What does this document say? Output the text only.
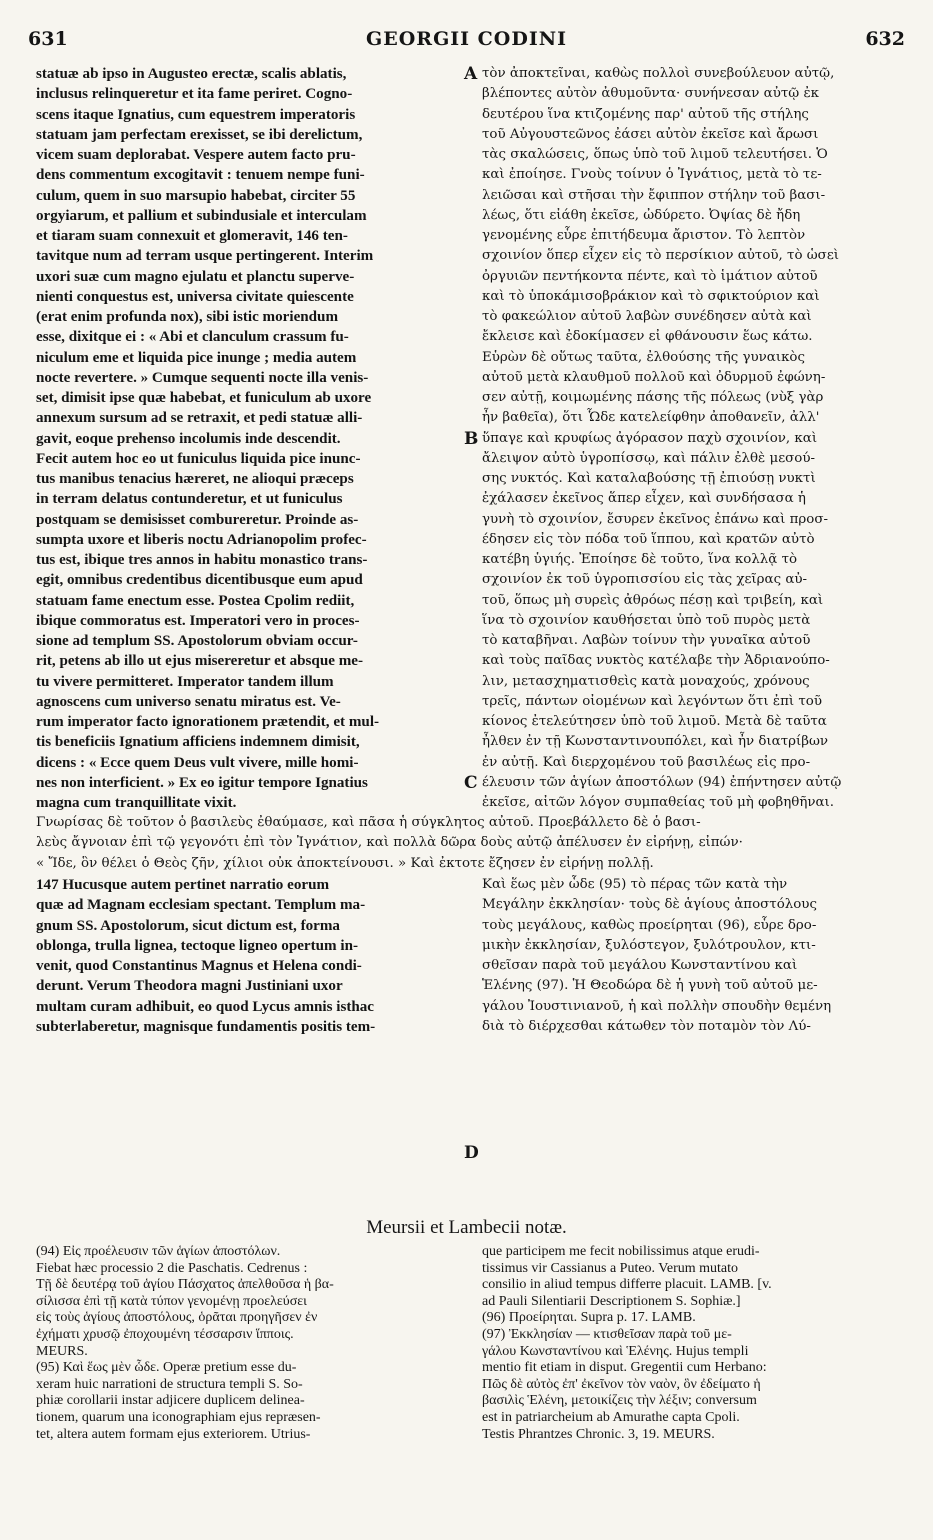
631	GEORGII CODINI	632
statuæ ab ipso in Augusteo erectæ, scalis ablatis,
inclusus relinqueretur et ita fame periret. Cogno-
scens itaque Ignatius, cum equestrem imperatoris
statuam jam perfectam erexisset, se ibi derelictum,
vicem suam deplorabat. Vespere autem facto pru-
dens commentum excogitavit : tenuem nempe funi-
culum, quem in suo marsupio habebat, circiter 55
orgyiarum, et pallium et subindusiale et interculam
et tiaram suam connexuit et glomeravit, 146 ten-
tavitque num ad terram usque pertingerent. Interim
uxori suæ cum magno ejulatu et planctu superve-
nienti conquestus est, universa civitate quiescente
(erat enim profunda nox), sibi istic moriendum
esse, dixitque ei : « Abi et clanculum crassum fu-
niculum eme et liquida pice inunge ; media autem
nocte revertere. » Cumque sequenti nocte illa venis-
set, dimisit ipse quæ habebat, et funiculum ab uxore
annexum sursum ad se retraxit, et pedi statuæ alli-
gavit, eoque prehenso incolumis inde descendit.
Fecit autem hoc eo ut funiculus liquida pice inunc-
tus manibus tenacius hæreret, ne alioqui præceps
in terram delatus contunderetur, et ut funiculus
postquam se demisisset combureretur. Proinde as-
sumpta uxore et liberis noctu Adrianopolim profec-
tus est, ibique tres annos in habitu monastico trans-
egit, omnibus credentibus dicentibusque eum apud
statuam fame enectum esse. Postea Cpolim rediit,
ibique commoratus est. Imperatori vero in proces-
sione ad templum SS. Apostolorum obviam occur-
rit, petens ab illo ut ejus misereretur et absque me-
tu vivere permitteret. Imperator tandem illum
agnoscens cum universo senatu miratus est. Ve-
rum imperator facto ignorationem prætendit, et mul-
tis beneficiis Ignatium afficiens indemnem dimisit,
dicens : « Ecce quem Deus vult vivere, mille homi-
nes non interficient. » Ex eo igitur tempore Ignatius
magna cum tranquillitate vixit.
τὸν ἀποκτεῖναι, καθὼς πολλοὶ συνεβούλευον αὐτῷ,
βλέποντες αὐτὸν ἀθυμοῦντα· συνήνεσαν αὐτῷ ἐκ
δευτέρου ἵνα κτιζομένης παρ' αὐτοῦ τῆς στήλης
τοῦ Αὐγουστεῶνος ἐάσει αὐτὸν ἐκεῖσε καὶ ἄρωσι
τὰς σκαλώσεις, ὅπως ὑπὸ τοῦ λιμοῦ τελευτήσει. Ὁ
καὶ ἐποίησε. Γνοὺς τοίνυν ὁ Ἰγνάτιος, μετὰ τὸ τε-
λειῶσαι καὶ στῆσαι τὴν ἔφιππον στήλην τοῦ βασι-
λέως, ὅτι εἰάθη ἐκεῖσε, ὠδύρετο. Ὀψίας δὲ ἤδη
γενομένης εὗρε ἐπιτήδευμα ἄριστον. Τὸ λεπτὸν
σχοινίον ὅπερ εἶχεν εἰς τὸ περσίκιον αὐτοῦ, τὸ ὡσεὶ
ὀργυιῶν πεντήκοντα πέντε, καὶ τὸ ἱμάτιον αὐτοῦ
καὶ τὸ ὑποκάμισοβράκιον καὶ τὸ σφικτούριον καὶ
τὸ φακεώλιον αὐτοῦ λαβὼν συνέδησεν αὐτὰ καὶ
ἔκλεισε καὶ ἐδοκίμασεν εἰ φθάνουσιν ἕως κάτω.
Εὑρὼν δὲ οὕτως ταῦτα, ἐλθούσης τῆς γυναικὸς
αὐτοῦ μετὰ κλαυθμοῦ πολλοῦ καὶ ὀδυρμοῦ ἐφώνη-
σεν αὐτῇ, κοιμωμένης πάσης τῆς πόλεως (νὺξ γὰρ
ἦν βαθεῖα), ὅτι Ὧδε κατελείφθην ἀποθανεῖν, ἀλλ'
ὕπαγε καὶ κρυφίως ἀγόρασον παχὺ σχοινίον, καὶ
ἄλειψον αὐτὸ ὑγροπίσσῳ, καὶ πάλιν ἐλθὲ μεσού-
σης νυκτός. Καὶ καταλαβούσης τῇ ἐπιούσῃ νυκτὶ
ἐχάλασεν ἐκεῖνος ἅπερ εἶχεν, καὶ συνδήσασα ἡ
γυνὴ τὸ σχοινίον, ἔσυρεν ἐκεῖνος ἐπάνω καὶ προσ-
έδησεν εἰς τὸν πόδα τοῦ ἵππου, καὶ κρατῶν αὐτὸ
κατέβη ὑγιής. Ἐποίησε δὲ τοῦτο, ἵνα κολλᾷ τὸ
σχοινίον ἐκ τοῦ ὑγροπισσίου εἰς τὰς χεῖρας αὐ-
τοῦ, ὅπως μὴ συρεὶς ἀθρόως πέσῃ καὶ τριβείη, καὶ
ἵνα τὸ σχοινίον καυθήσεται ὑπὸ τοῦ πυρὸς μετὰ
τὸ καταβῆναι. Λαβὼν τοίνυν τὴν γυναῖκα αὐτοῦ
καὶ τοὺς παῖδας νυκτὸς κατέλαβε τὴν Ἀδριανούπο-
λιν, μετασχηματισθεὶς κατὰ μοναχούς, χρόνους
τρεῖς, πάντων οἰομένων καὶ λεγόντων ὅτι ἐπὶ τοῦ
κίονος ἐτελεύτησεν ὑπὸ τοῦ λιμοῦ. Μετὰ δὲ ταῦτα
ἦλθεν ἐν τῇ Κωνσταντινουπόλει, καὶ ἦν διατρίβων
ἐν αὐτῇ. Καὶ διερχομένου τοῦ βασιλέως εἰς προ-
έλευσιν τῶν ἁγίων ἀποστόλων (94) ἐπήντησεν αὐτῷ
ἐκεῖσε, αἰτῶν λόγον συμπαθείας τοῦ μὴ φοβηθῆναι.
A
B
C
D
Γνωρίσας δὲ τοῦτον ὁ βασιλεὺς ἐθαύμασε, καὶ πᾶσα ἡ σύγκλητος αὐτοῦ. Προεβάλλετο δὲ ὁ βασι-
λεὺς ἄγνοιαν ἐπὶ τῷ γεγονότι ἐπὶ τὸν Ἰγνάτιον, καὶ πολλὰ δῶρα δοὺς αὐτῷ ἀπέλυσεν ἐν εἰρήνῃ, εἰπών·
« Ἴδε, ὃν θέλει ὁ Θεὸς ζῆν, χίλιοι οὐκ ἀποκτείνουσι. » Καὶ ἐκτοτε ἔζησεν ἐν εἰρήνῃ πολλῇ.
147 Hucusque autem pertinet narratio eorum
quæ ad Magnam ecclesiam spectant. Templum ma-
gnum SS. Apostolorum, sicut dictum est, forma
oblonga, trulla lignea, tectoque ligneo opertum in-
venit, quod Constantinus Magnus et Helena condi-
derunt. Verum Theodora magni Justiniani uxor
multam curam adhibuit, eo quod Lycus amnis isthac
subterlaberetur, magnisque fundamentis positis tem-
Καὶ ἕως μὲν ὧδε (95) τὸ πέρας τῶν κατὰ τὴν
Μεγάλην ἐκκλησίαν· τοὺς δὲ ἁγίους ἀποστόλους
τοὺς μεγάλους, καθὼς προείρηται (96), εὗρε δρο-
μικὴν ἐκκλησίαν, ξυλόστεγον, ξυλότρουλον, κτι-
σθεῖσαν παρὰ τοῦ μεγάλου Κωνσταντίνου καὶ
Ἑλένης (97). Ἡ Θεοδώρα δὲ ἡ γυνὴ τοῦ αὐτοῦ με-
γάλου Ἰουστινιανοῦ, ἡ καὶ πολλὴν σπουδὴν θεμένη
διὰ τὸ διέρχεσθαι κάτωθεν τὸν ποταμὸν τὸν Λύ-
Meursii et Lambecii notæ.
(94) Εἰς προέλευσιν τῶν ἁγίων ἀποστόλων.
Fiebat hæc processio 2 die Paschatis. Cedrenus :
Τῇ δὲ δευτέρᾳ τοῦ ἁγίου Πάσχατος ἀπελθοῦσα ἡ βα-
σίλισσα ἐπὶ τῇ κατὰ τύπον γενομένῃ προελεύσει
εἰς τοὺς ἁγίους ἀποστόλους, ὁρᾶται προηγῆσεν ἐν
ἐχήματι χρυσῷ ἐποχουμένη τέσσαρσιν ἵπποις.
MEURS.
(95) Καὶ ἕως μὲν ὧδε. Operæ pretium esse du-
xeram huic narrationi de structura templi S. So-
phiæ corollarii instar adjicere duplicem delinea-
tionem, quarum una iconographiam ejus repræsen-
tet, altera autem formam ejus exteriorem. Utrius-
que participem me fecit nobilissimus atque erudi-
tissimus vir Cassianus a Puteo. Verum mutato
consilio in aliud tempus differre placuit. LAMB. [v.
ad Pauli Silentiarii Descriptionem S. Sophiæ.]
(96) Προείρηται. Supra p. 17. LAMB.
(97) Ἐκκλησίαν — κτισθεῖσαν παρὰ τοῦ με-
γάλου Κωνσταντίνου καὶ Ἑλένης. Hujus templi
mentio fit etiam in disput. Gregentii cum Herbano:
Πῶς δὲ αὐτὸς ἐπ' ἐκεῖνον τὸν ναὸν, ὃν ἐδείματο ἡ
βασιλὶς Ἑλένη, μετοικίζεις τὴν λέξιν; conversum
est in patriarcheium ab Amurathe capta Cpoli.
Testis Phrantzes Chronic. 3, 19. MEURS.
